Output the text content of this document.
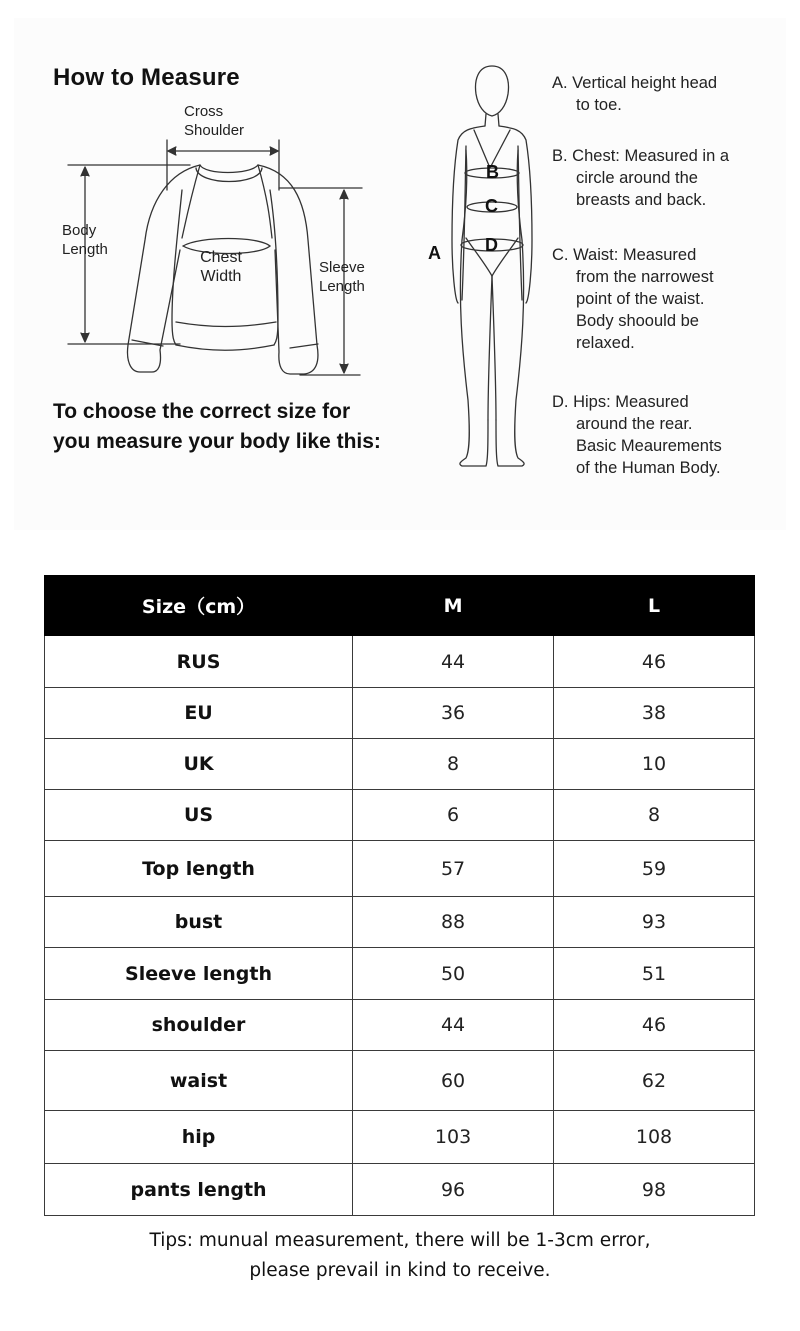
How to Measure
Cross
Shoulder
Body
Length	Chest
Width
Sleeve
Length
A
B
C
D
To choose the correct size for
you measure your body like this:
A. Vertical height head
to toe.
B. Chest: Measured in a
circle around the
breasts and back.
C. Waist: Measured
from the narrowest
point of the waist.
Body shoould be
relaxed.
D. Hips: Measured
around the rear.
Basic Meaurements
of the Human Body.
Size（cm）	M	L
RUS	44	46
EU	36	38
UK	8	10
US	6	8
Top length	57	59
bust	88	93
Sleeve length	50	51
shoulder	44	46
waist	60	62
hip	103	108
pants length	96	98
Tips: munual measurement, there will be 1-3cm error,
please prevail in kind to receive.
